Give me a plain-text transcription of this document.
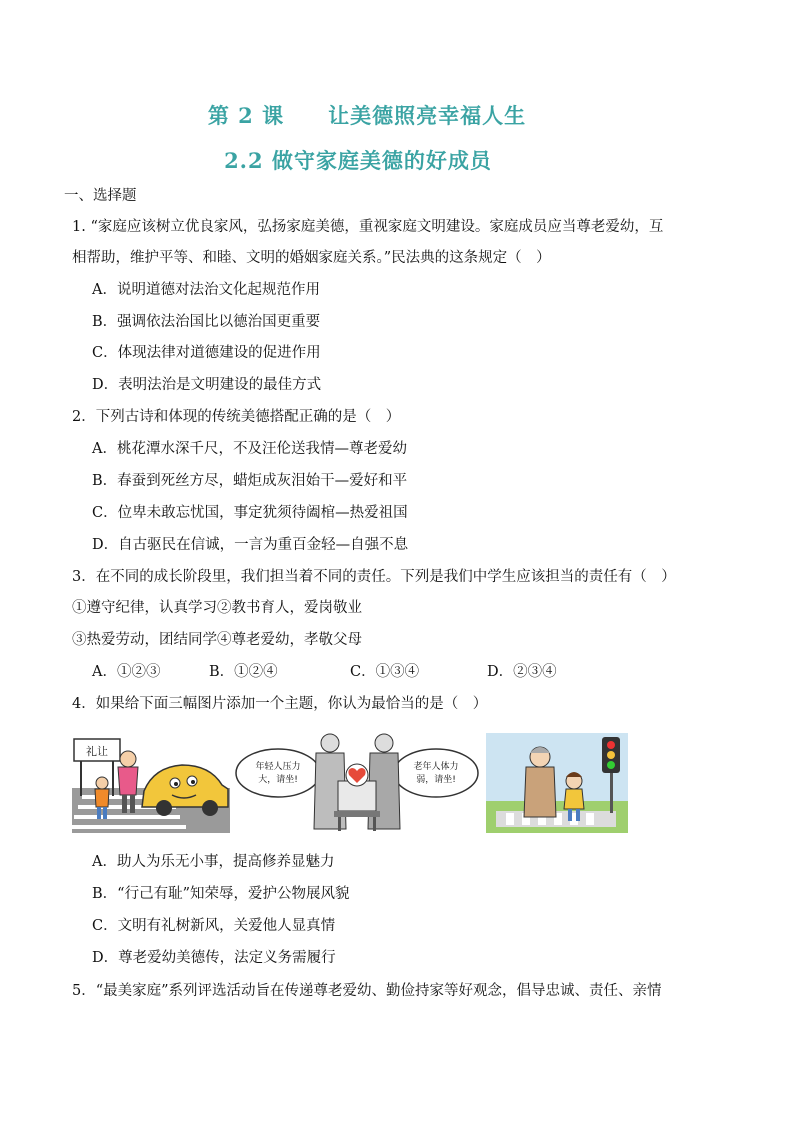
第 2 课　　让美德照亮幸福人生
2.2 做守家庭美德的好成员
一、选择题
1. “家庭应该树立优良家风，弘扬家庭美德，重视家庭文明建设。家庭成员应当尊老爱幼，互
相帮助，维护平等、和睦、文明的婚姻家庭关系。”民法典的这条规定（　）
A．说明道德对法治文化起规范作用
B．强调依法治国比以德治国更重要
C．体现法律对道德建设的促进作用
D．表明法治是文明建设的最佳方式
2．下列古诗和体现的传统美德搭配正确的是（　）
A．桃花潭水深千尺，不及汪伦送我情—尊老爱幼
B．春蚕到死丝方尽，蜡炬成灰泪始干—爱好和平
C．位卑未敢忘忧国，事定犹须待阖棺—热爱祖国
D．自古驱民在信诚，一言为重百金轻—自强不息
3．在不同的成长阶段里，我们担当着不同的责任。下列是我们中学生应该担当的责任有（　）
①遵守纪律，认真学习②教书育人，爱岗敬业
③热爱劳动，团结同学④尊老爱幼，孝敬父母
A．①②③	B．①②④	C．①③④	D．②③④
4．如果给下面三幅图片添加一个主题，你认为最恰当的是（　）
礼让
年轻人压力
大，请坐!
老年人体力
弱，请坐!
A．助人为乐无小事，提高修养显魅力
B．“行己有耻”知荣辱，爱护公物展风貌
C．文明有礼树新风，关爱他人显真情
D．尊老爱幼美德传，法定义务需履行
5．“最美家庭”系列评选活动旨在传递尊老爱幼、勤俭持家等好观念，倡导忠诚、责任、亲情
